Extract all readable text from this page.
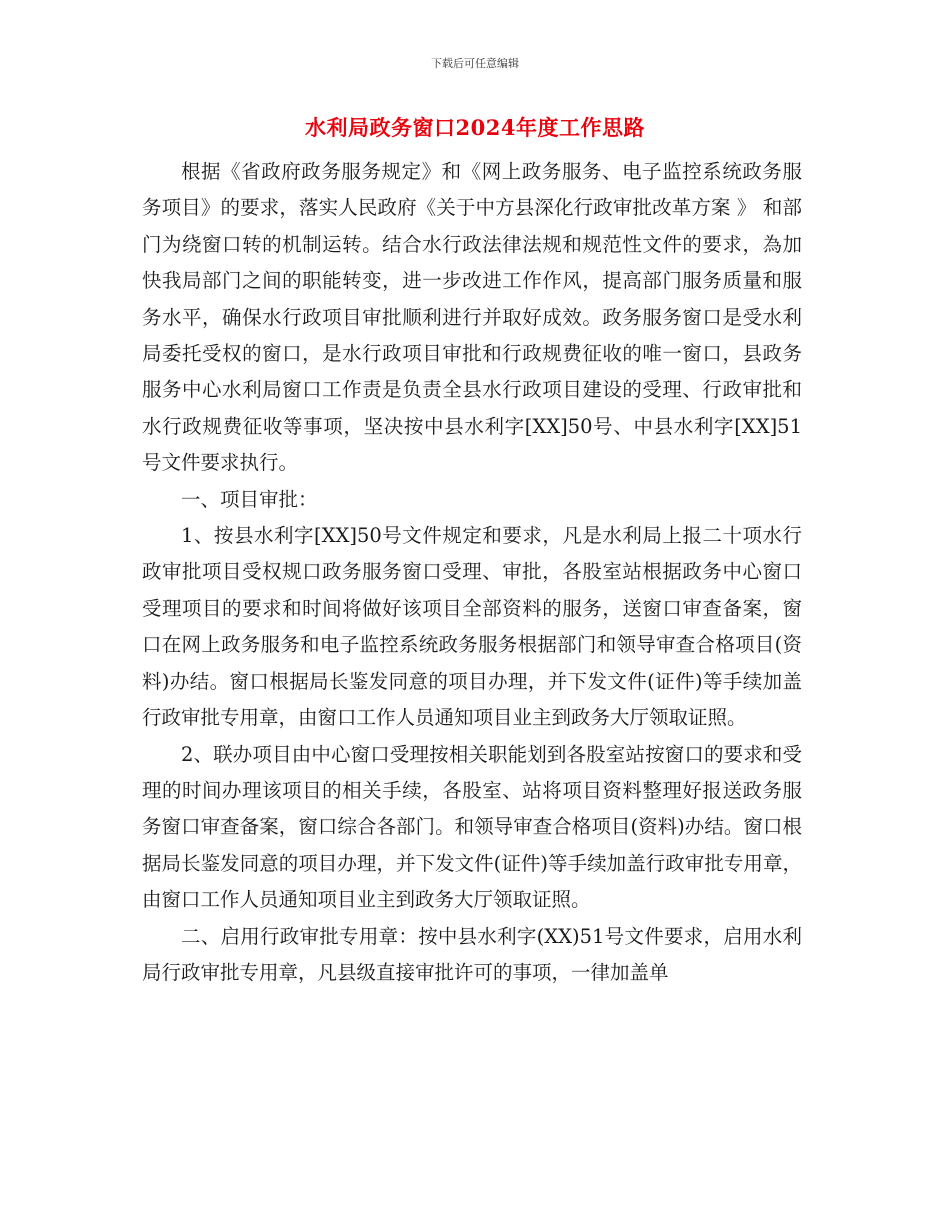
下载后可任意编辑
水利局政务窗口2024年度工作思路

根据《省政府政务服务规定》和《网上政务服务、电子监控系统政务服务项目》的要求，落实人民政府《关于中方县深化行政审批改革方案 》 和部门为绕窗口转的机制运转。结合水行政法律法规和规范性文件的要求，為加快我局部门之间的职能转变，进一步改进工作作风，提高部门服务质量和服务水平，确保水行政项目审批顺利进行并取好成效。政务服务窗口是受水利局委托受权的窗口，是水行政项目审批和行政规费征收的唯一窗口，县政务服务中心水利局窗口工作责是负责全县水行政项目建设的受理、行政审批和水行政规费征收等事项，坚决按中县水利字[XX]50号、中县水利字[XX]51号文件要求执行。

一、项目审批：

1、按县水利字[XX]50号文件规定和要求，凡是水利局上报二十项水行政审批项目受权规口政务服务窗口受理、审批，各股室站根据政务中心窗口受理项目的要求和时间将做好该项目全部资料的服务，送窗口审查备案，窗口在网上政务服务和电子监控系统政务服务根据部门和领导审查合格项目(资料)办结。窗口根据局长鉴发同意的项目办理，并下发文件(证件)等手续加盖行政审批专用章，由窗口工作人员通知项目业主到政务大厅领取证照。

2、联办项目由中心窗口受理按相关职能划到各股室站按窗口的要求和受理的时间办理该项目的相关手续，各股室、站将项目资料整理好报送政务服务窗口审查备案，窗口综合各部门。和领导审查合格项目(资料)办结。窗口根据局长鉴发同意的项目办理，并下发文件(证件)等手续加盖行政审批专用章，由窗口工作人员通知项目业主到政务大厅领取证照。

二、启用行政审批专用章：按中县水利字(XX)51号文件要求，启用水利局行政审批专用章，凡县级直接审批许可的事项，一律加盖单
